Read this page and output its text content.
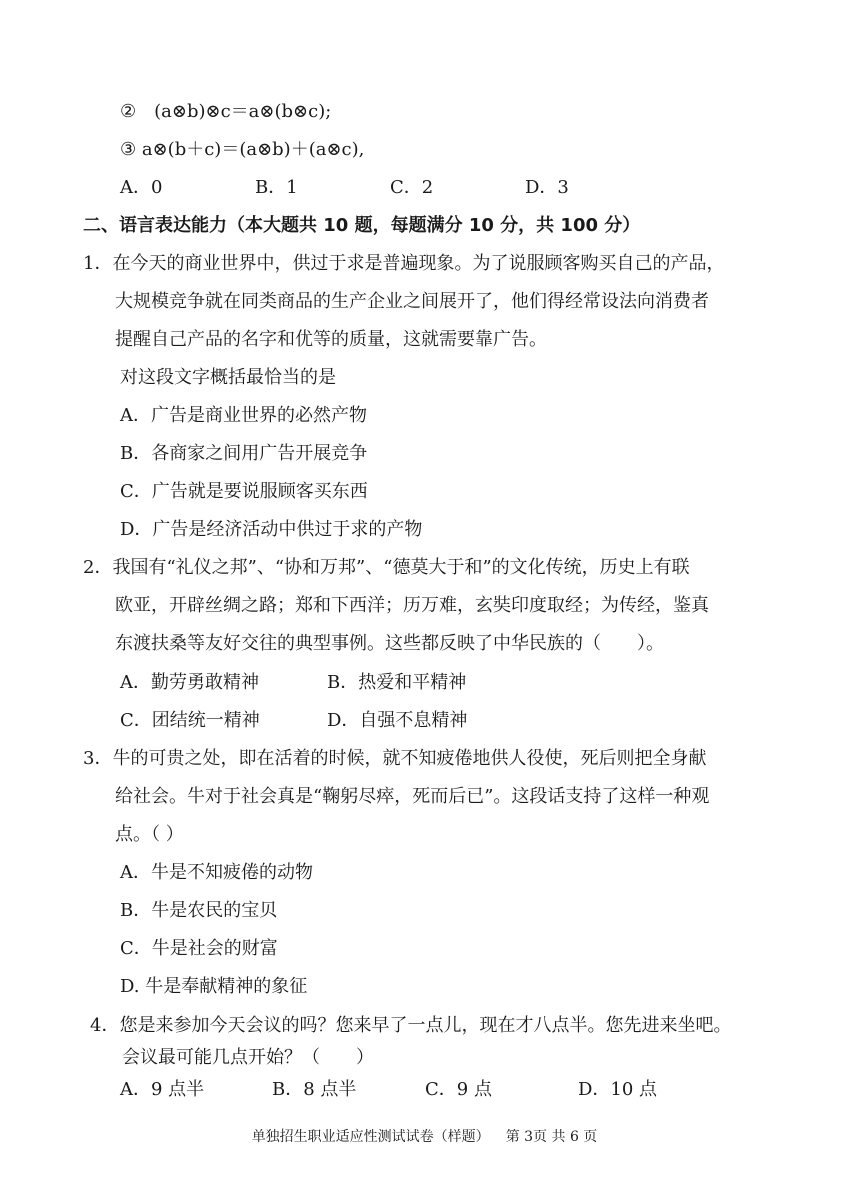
②　(a⊗b)⊗c＝a⊗(b⊗c);
③ a⊗(b＋c)＝(a⊗b)＋(a⊗c),
A．0	B．1	C．2	D．3
二、语言表达能力（本大题共 10 题，每题满分 10 分，共 100 分）
1．在今天的商业世界中，供过于求是普遍现象。为了说服顾客购买自己的产品，
大规模竞争就在同类商品的生产企业之间展开了，他们得经常设法向消费者
提醒自己产品的名字和优等的质量，这就需要靠广告。
对这段文字概括最恰当的是
A．广告是商业世界的必然产物
B．各商家之间用广告开展竞争
C．广告就是要说服顾客买东西
D．广告是经济活动中供过于求的产物
2．我国有“礼仪之邦”、“协和万邦”、“德莫大于和”的文化传统，历史上有联
欧亚，开辟丝绸之路；郑和下西洋；历万难，玄奘印度取经；为传经，鉴真
东渡扶桑等友好交往的典型事例。这些都反映了中华民族的（　　）。
A．勤劳勇敢精神	B．热爱和平精神
C．团结统一精神	D．自强不息精神
3．牛的可贵之处，即在活着的时候，就不知疲倦地供人役使，死后则把全身献
给社会。牛对于社会真是“鞠躬尽瘁，死而后已”。这段话支持了这样一种观
点。（ ）
A．牛是不知疲倦的动物
B．牛是农民的宝贝
C．牛是社会的财富
D. 牛是奉献精神的象征
4．您是来参加今天会议的吗？您来早了一点儿，现在才八点半。您先进来坐吧。
会议最可能几点开始？（　　）
A．9 点半	B．8 点半	C．9 点	D．10 点
单独招生职业适应性测试试卷（样题） 第 3页 共 6 页
